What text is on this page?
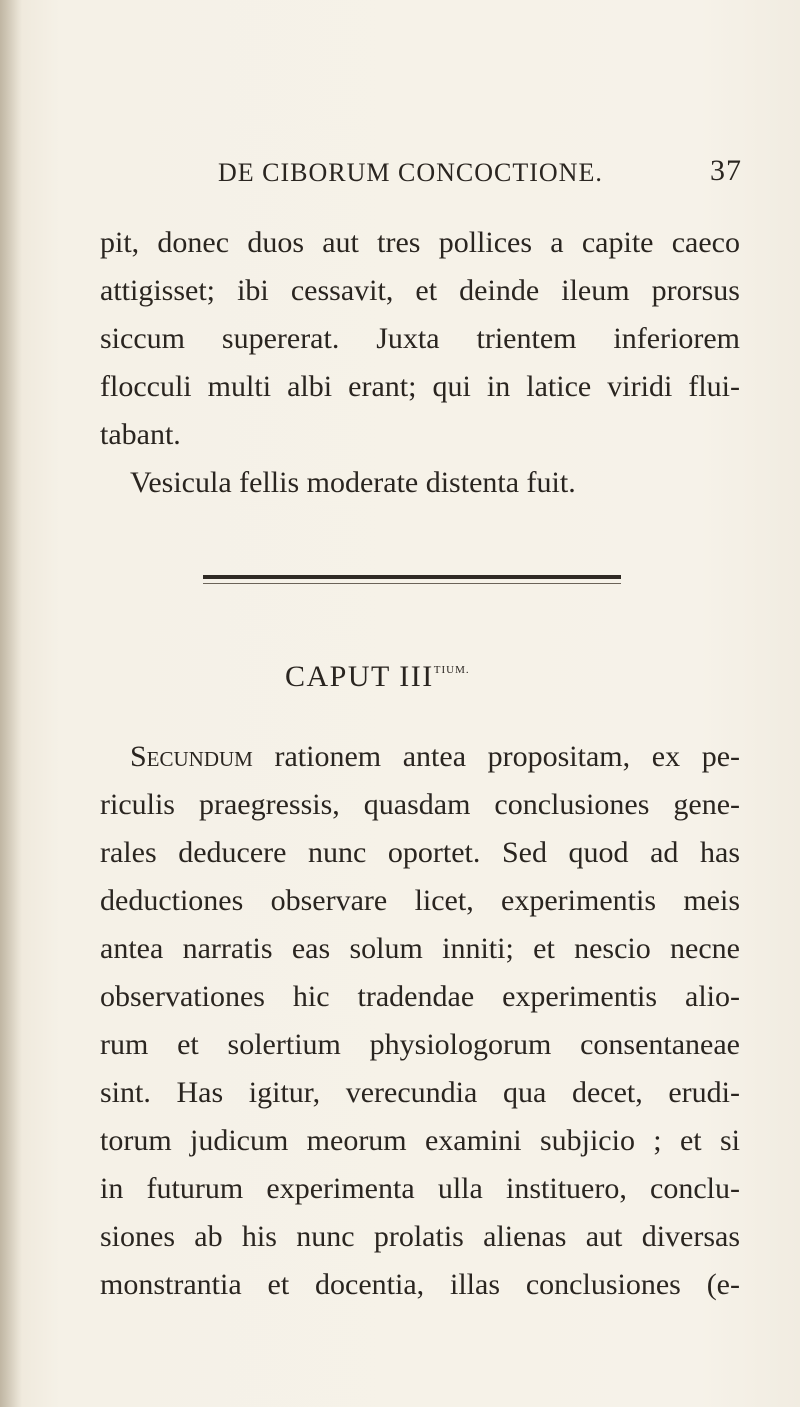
DE CIBORUM CONCOCTIONE.	37
pit, donec duos aut tres pollices a capite caeco
attigisset; ibi cessavit, et deinde ileum prorsus
siccum supererat. Juxta trientem inferiorem
flocculi multi albi erant; qui in latice viridi flui-
tabant.
Vesicula fellis moderate distenta fuit.
CAPUT $III^{TIUM.}$
Secundum rationem antea propositam, ex pe-
riculis praegressis, quasdam conclusiones gene-
rales deducere nunc oportet. Sed quod ad has
deductiones observare licet, experimentis meis
antea narratis eas solum inniti; et nescio necne
observationes hic tradendae experimentis alio-
rum et solertium physiologorum consentaneae
sint. Has igitur, verecundia qua decet, erudi-
torum judicum meorum examini subjicio ; et si
in futurum experimenta ulla instituero, conclu-
siones ab his nunc prolatis alienas aut diversas
monstrantia et docentia, illas conclusiones (e-
